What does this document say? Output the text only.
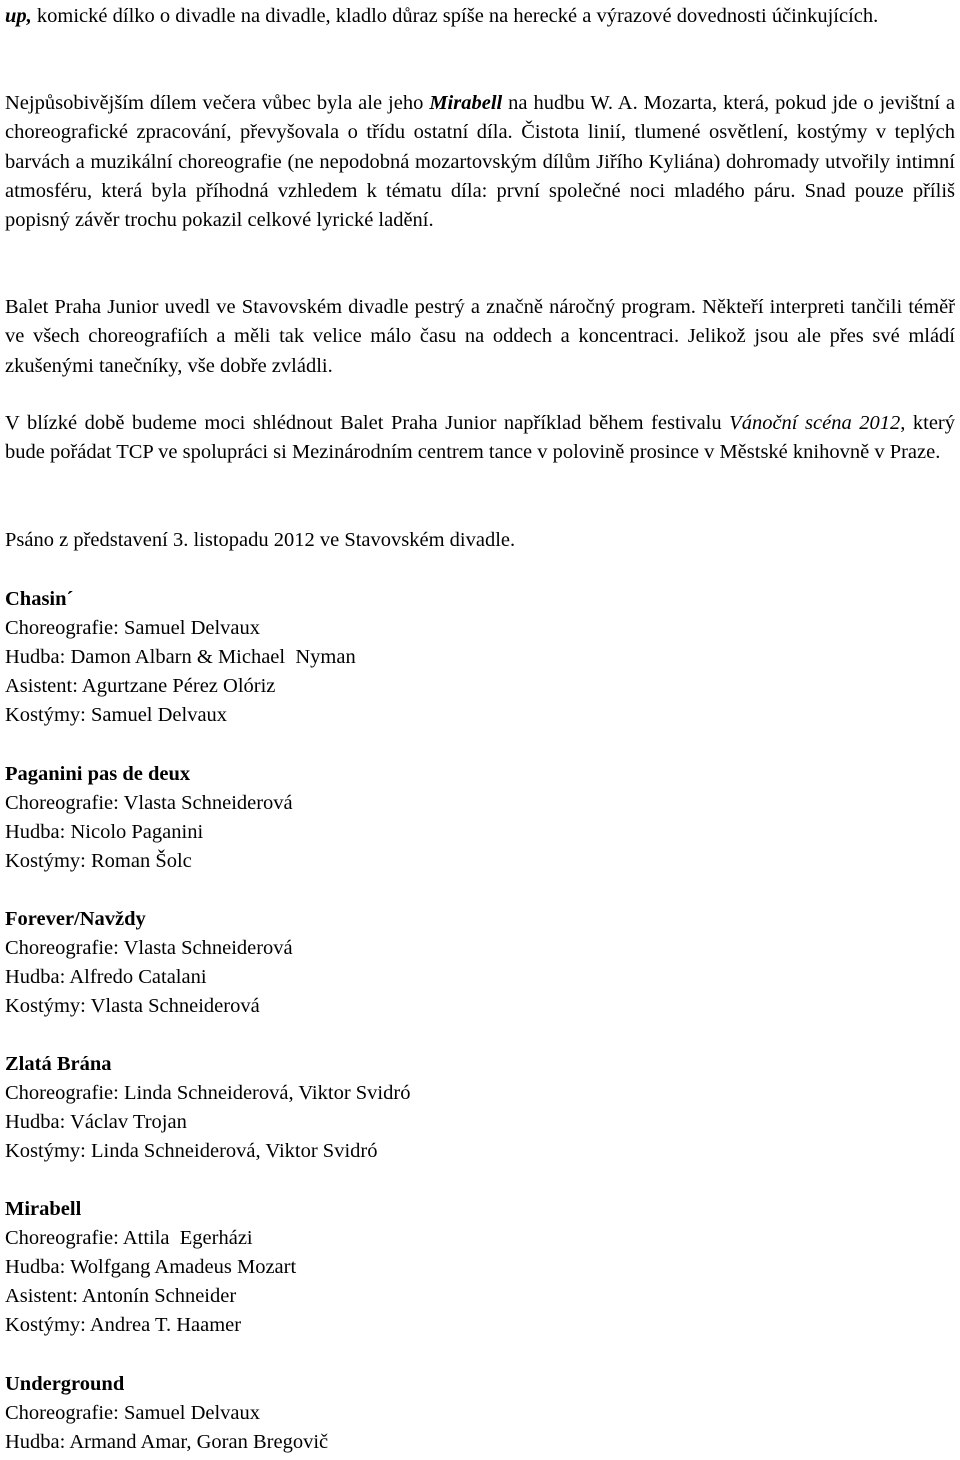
up, komické dílko o divadle na divadle, kladlo důraz spíše na herecké a výrazové dovednosti účinkujících.

Nejpůsobivějším dílem večera vůbec byla ale jeho Mirabell na hudbu W. A. Mozarta, která, pokud jde o jevištní a choreografické zpracování, převyšovala o třídu ostatní díla. Čistota linií, tlumené osvětlení, kostýmy v teplých barvách a muzikální choreografie (ne nepodobná mozartovským dílům Jiřího Kyliána) dohromady utvořily intimní atmosféru, která byla příhodná vzhledem k tématu díla: první společné noci mladého páru. Snad pouze příliš popisný závěr trochu pokazil celkové lyrické ladění.

Balet Praha Junior uvedl ve Stavovském divadle pestrý a značně náročný program. Někteří interpreti tančili téměř ve všech choreografiích a měli tak velice málo času na oddech a koncentraci. Jelikož jsou ale přes své mládí zkušenými tanečníky, vše dobře zvládli.

V blízké době budeme moci shlédnout Balet Praha Junior například během festivalu Vánoční scéna 2012, který bude pořádat TCP ve spolupráci si Mezinárodním centrem tance v polovině prosince v Městské knihovně v Praze.

Psáno z představení 3. listopadu 2012 ve Stavovském divadle.

Chasin´
Choreografie: Samuel Delvaux
Hudba: Damon Albarn & Michael  Nyman
Asistent: Agurtzane Pérez Olóriz
Kostýmy: Samuel Delvaux
Paganini pas de deux
Choreografie: Vlasta Schneiderová
Hudba: Nicolo Paganini
Kostýmy: Roman Šolc
Forever/Navždy
Choreografie: Vlasta Schneiderová
Hudba: Alfredo Catalani
Kostýmy: Vlasta Schneiderová
Zlatá Brána
Choreografie: Linda Schneiderová, Viktor Svidró
Hudba: Václav Trojan
Kostýmy: Linda Schneiderová, Viktor Svidró
Mirabell
Choreografie: Attila  Egerházi
Hudba: Wolfgang Amadeus Mozart
Asistent: Antonín Schneider
Kostýmy: Andrea T. Haamer
Underground
Choreografie: Samuel Delvaux
Hudba: Armand Amar, Goran Bregovič
